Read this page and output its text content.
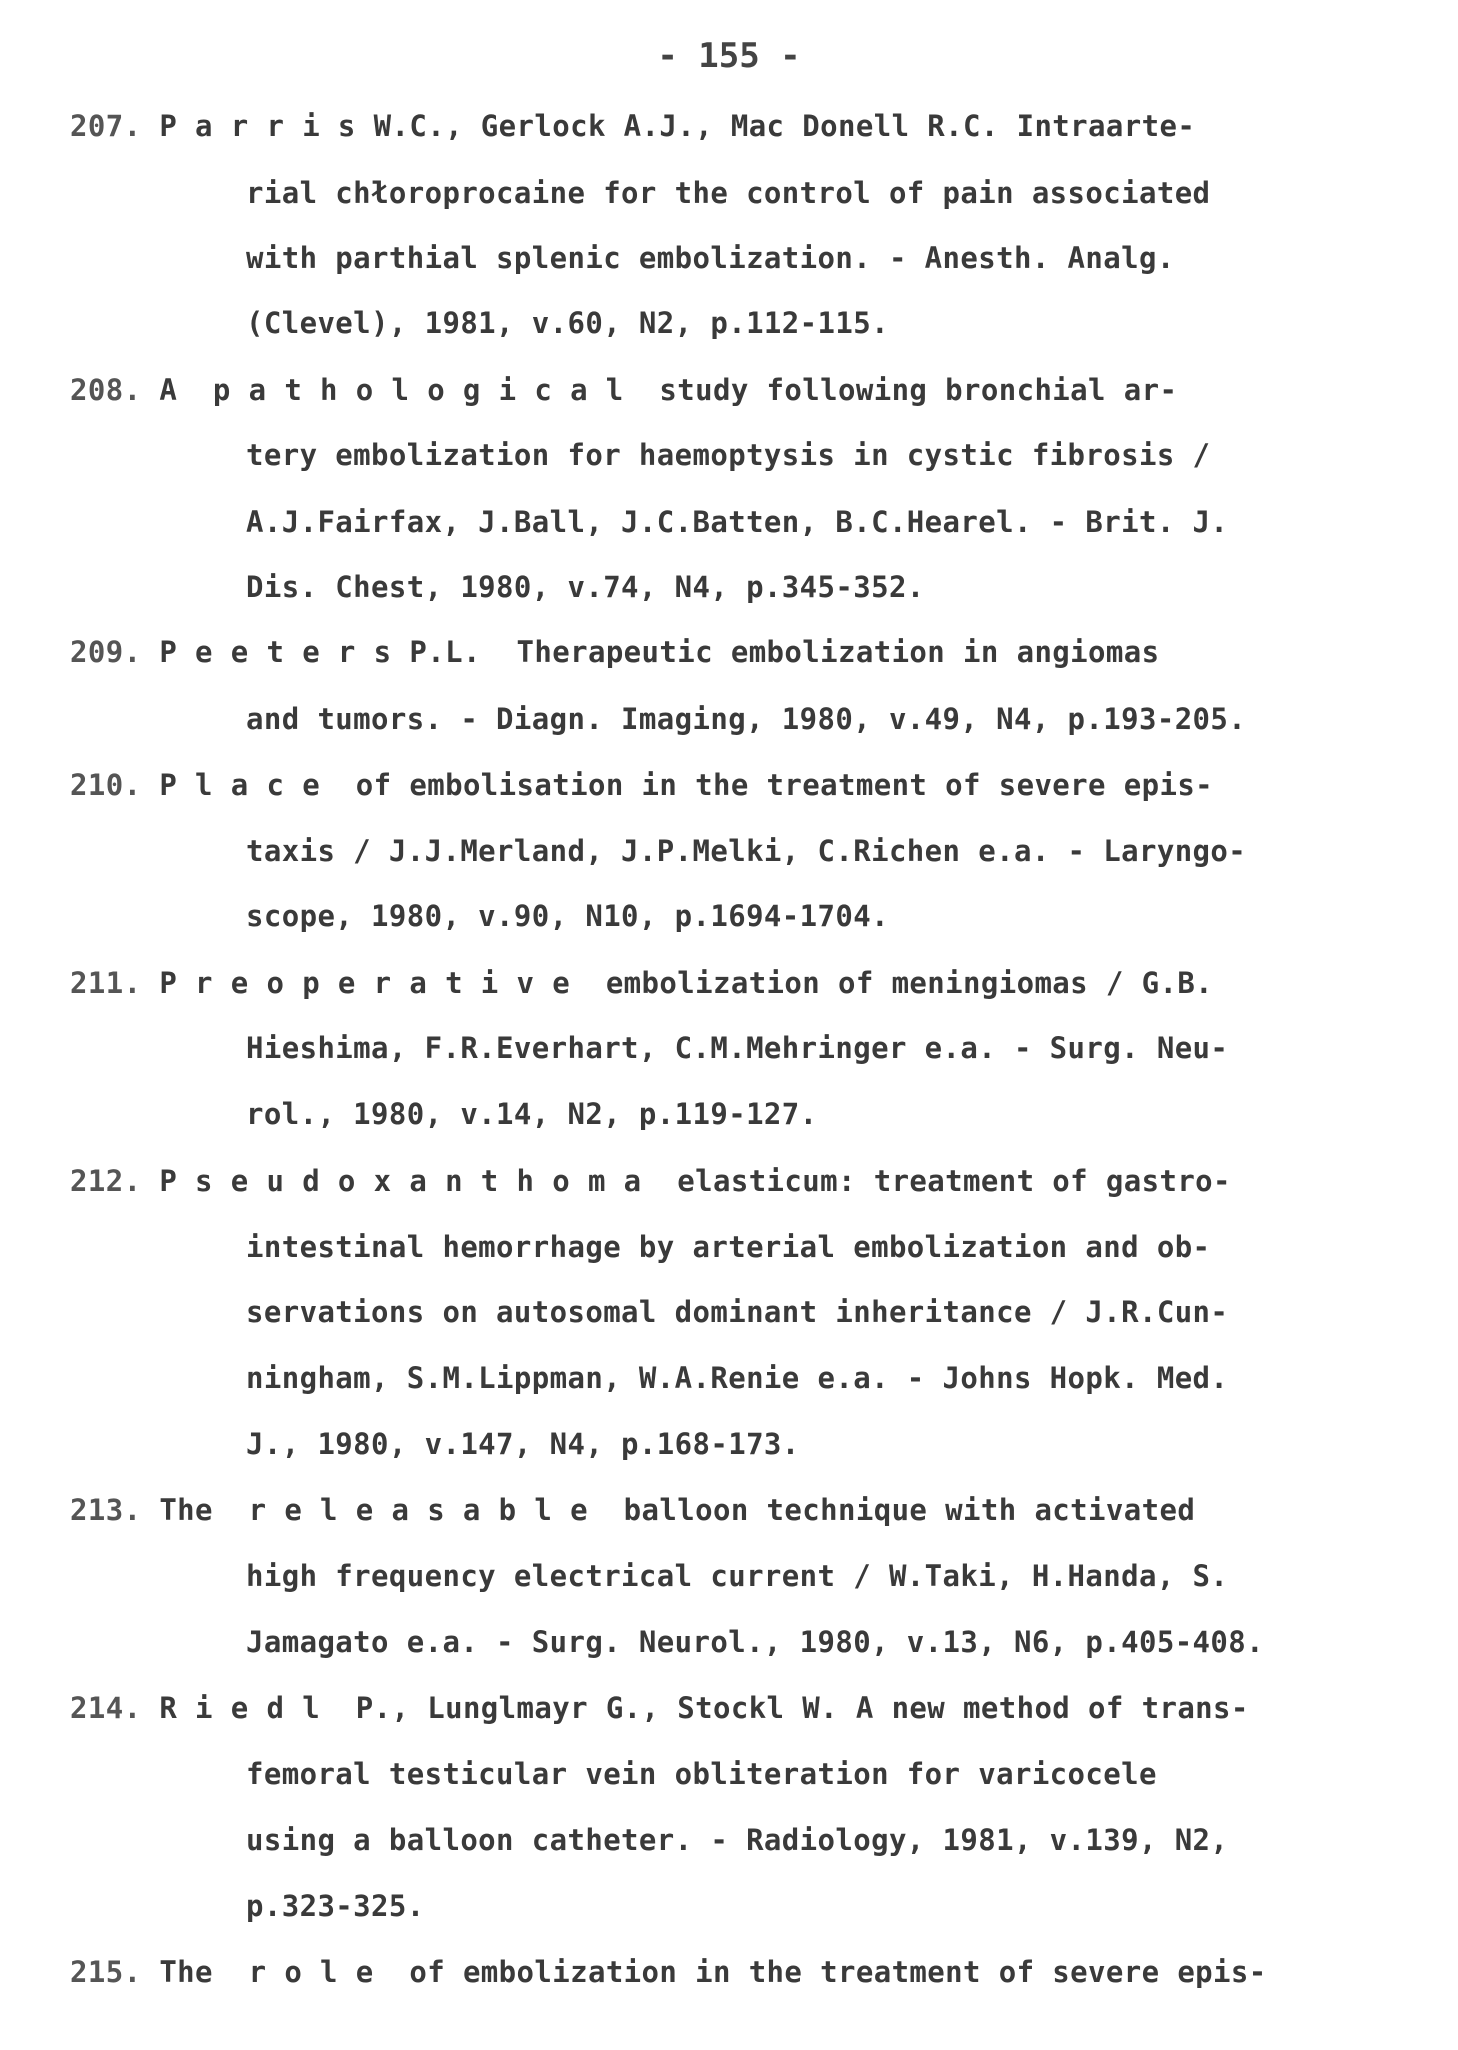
- 155 -
207. P a r r i s W.C., Gerlock A.J., Mac Donell R.C. Intraarte-
rial chłoroprocaine for the control of pain associated
with parthial splenic embolization. - Anesth. Analg.
(Clevel), 1981, v.60, N2, p.112-115.
208. A  p a t h o l o g i c a l  study following bronchial ar-
tery embolization for haemoptysis in cystic fibrosis /
A.J.Fairfax, J.Ball, J.C.Batten, B.C.Hearel. - Brit. J.
Dis. Chest, 1980, v.74, N4, p.345-352.
209. P e e t e r s P.L.  Therapeutic embolization in angiomas
and tumors. - Diagn. Imaging, 1980, v.49, N4, p.193-205.
210. P l a c e  of embolisation in the treatment of severe epis-
taxis / J.J.Merland, J.P.Melki, C.Richen e.a. - Laryngo-
scope, 1980, v.90, N10, p.1694-1704.
211. P r e o p e r a t i v e  embolization of meningiomas / G.B.
Hieshima, F.R.Everhart, C.M.Mehringer e.a. - Surg. Neu-
rol., 1980, v.14, N2, p.119-127.
212. P s e u d o x a n t h o m a  elasticum: treatment of gastro-
intestinal hemorrhage by arterial embolization and ob-
servations on autosomal dominant inheritance / J.R.Cun-
ningham, S.M.Lippman, W.A.Renie e.a. - Johns Hopk. Med.
J., 1980, v.147, N4, p.168-173.
213. The  r e l e a s a b l e  balloon technique with activated
high frequency electrical current / W.Taki, H.Handa, S.
Jamagato e.a. - Surg. Neurol., 1980, v.13, N6, p.405-408.
214. R i e d l  P., Lunglmayr G., Stockl W. A new method of trans-
femoral testicular vein obliteration for varicocele
using a balloon catheter. - Radiology, 1981, v.139, N2,
p.323-325.
215. The  r o l e  of embolization in the treatment of severe epis-
